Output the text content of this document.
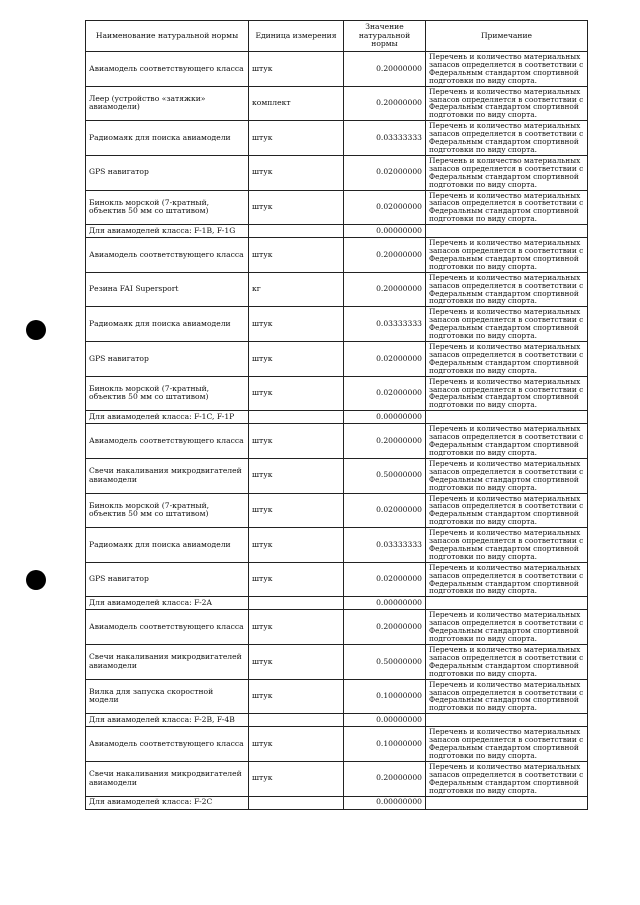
Наименование натуральной нормы	Единица измерения	Значение натуральной нормы	Примечание
Авиамодель соответствующего класса	штук	0.20000000	Перечень и количество материальных запасов определяется в соответствии с Федеральным стандартом спортивной подготовки по виду спорта.
Леер (устройство «затяжки» авиамодели)	комплект	0.20000000	Перечень и количество материальных запасов определяется в соответствии с Федеральным стандартом спортивной подготовки по виду спорта.
Радиомаяк для поиска авиамодели	штук	0.03333333	Перечень и количество материальных запасов определяется в соответствии с Федеральным стандартом спортивной подготовки по виду спорта.
GPS навигатор	штук	0.02000000	Перечень и количество материальных запасов определяется в соответствии с Федеральным стандартом спортивной подготовки по виду спорта.
Бинокль морской (7-кратный, объектив 50 мм со штативом)	штук	0.02000000	Перечень и количество материальных запасов определяется в соответствии с Федеральным стандартом спортивной подготовки по виду спорта.
Для авиамоделей класса: F-1B, F-1G		0.00000000	
Авиамодель соответствующего класса	штук	0.20000000	Перечень и количество материальных запасов определяется в соответствии с Федеральным стандартом спортивной подготовки по виду спорта.
Резина FAI Supersport	кг	0.20000000	Перечень и количество материальных запасов определяется в соответствии с Федеральным стандартом спортивной подготовки по виду спорта.
Радиомаяк для поиска авиамодели	штук	0.03333333	Перечень и количество материальных запасов определяется в соответствии с Федеральным стандартом спортивной подготовки по виду спорта.
GPS навигатор	штук	0.02000000	Перечень и количество материальных запасов определяется в соответствии с Федеральным стандартом спортивной подготовки по виду спорта.
Бинокль морской (7-кратный, объектив 50 мм со штативом)	штук	0.02000000	Перечень и количество материальных запасов определяется в соответствии с Федеральным стандартом спортивной подготовки по виду спорта.
Для авиамоделей класса: F-1C, F-1P		0.00000000	
Авиамодель соответствующего класса	штук	0.20000000	Перечень и количество материальных запасов определяется в соответствии с Федеральным стандартом спортивной подготовки по виду спорта.
Свечи накаливания микродвигателей авиамодели	штук	0.50000000	Перечень и количество материальных запасов определяется в соответствии с Федеральным стандартом спортивной подготовки по виду спорта.
Бинокль морской (7-кратный, объектив 50 мм со штативом)	штук	0.02000000	Перечень и количество материальных запасов определяется в соответствии с Федеральным стандартом спортивной подготовки по виду спорта.
Радиомаяк для поиска авиамодели	штук	0.03333333	Перечень и количество материальных запасов определяется в соответствии с Федеральным стандартом спортивной подготовки по виду спорта.
GPS навигатор	штук	0.02000000	Перечень и количество материальных запасов определяется в соответствии с Федеральным стандартом спортивной подготовки по виду спорта.
Для авиамоделей класса: F-2A		0.00000000	
Авиамодель соответствующего класса	штук	0.20000000	Перечень и количество материальных запасов определяется в соответствии с Федеральным стандартом спортивной подготовки по виду спорта.
Свечи накаливания микродвигателей авиамодели	штук	0.50000000	Перечень и количество материальных запасов определяется в соответствии с Федеральным стандартом спортивной подготовки по виду спорта.
Вилка для запуска скоростной модели	штук	0.10000000	Перечень и количество материальных запасов определяется в соответствии с Федеральным стандартом спортивной подготовки по виду спорта.
Для авиамоделей класса: F-2B, F-4B		0.00000000	
Авиамодель соответствующего класса	штук	0.10000000	Перечень и количество материальных запасов определяется в соответствии с Федеральным стандартом спортивной подготовки по виду спорта.
Свечи накаливания микродвигателей авиамодели	штук	0.20000000	Перечень и количество материальных запасов определяется в соответствии с Федеральным стандартом спортивной подготовки по виду спорта.
Для авиамоделей класса: F-2C		0.00000000	
